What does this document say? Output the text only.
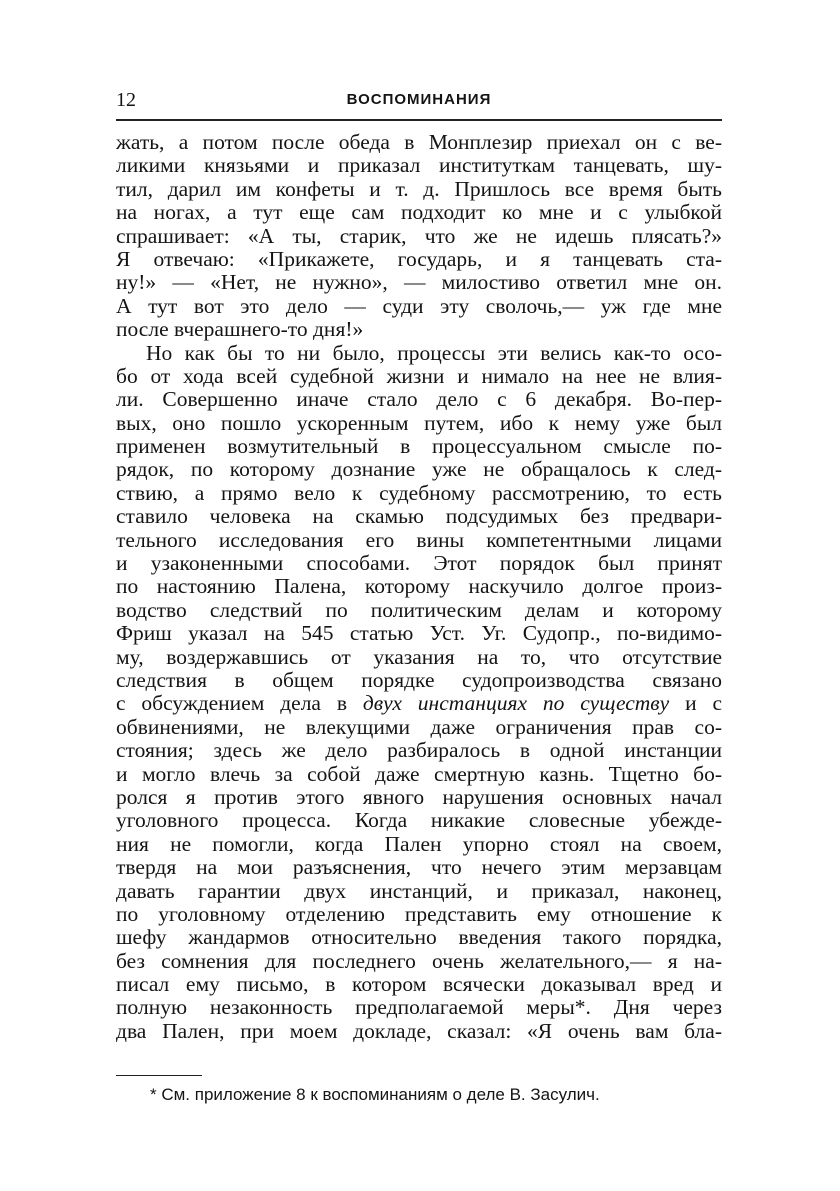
12	ВОСПОМИНАНИЯ
жать, а потом после обеда в Монплезир приехал он с ве-
ликими князьями и приказал институткам танцевать, шу-
тил, дарил им конфеты и т. д. Пришлось все время быть
на ногах, а тут еще сам подходит ко мне и с улыбкой
спрашивает: «А ты, старик, что же не идешь плясать?»
Я отвечаю: «Прикажете, государь, и я танцевать ста-
ну!» — «Нет, не нужно», — милостиво ответил мне он.
А тут вот это дело — суди эту сволочь,— уж где мне
после вчерашнего-то дня!»
Но как бы то ни было, процессы эти велись как-то осо-
бо от хода всей судебной жизни и нимало на нее не влия-
ли. Совершенно иначе стало дело с 6 декабря. Во-пер-
вых, оно пошло ускоренным путем, ибо к нему уже был
применен возмутительный в процессуальном смысле по-
рядок, по которому дознание уже не обращалось к след-
ствию, а прямо вело к судебному рассмотрению, то есть
ставило человека на скамью подсудимых без предвари-
тельного исследования его вины компетентными лицами
и узаконенными способами. Этот порядок был принят
по настоянию Палена, которому наскучило долгое произ-
водство следствий по политическим делам и которому
Фриш указал на 545 статью Уст. Уг. Судопр., по-видимо-
му, воздержавшись от указания на то, что отсутствие
следствия в общем порядке судопроизводства связано
с обсуждением дела в двух инстанциях по существу и с
обвинениями, не влекущими даже ограничения прав со-
стояния; здесь же дело разбиралось в одной инстанции
и могло влечь за собой даже смертную казнь. Тщетно бо-
ролся я против этого явного нарушения основных начал
уголовного процесса. Когда никакие словесные убежде-
ния не помогли, когда Пален упорно стоял на своем,
твердя на мои разъяснения, что нечего этим мерзавцам
давать гарантии двух инстанций, и приказал, наконец,
по уголовному отделению представить ему отношение к
шефу жандармов относительно введения такого порядка,
без сомнения для последнего очень желательного,— я на-
писал ему письмо, в котором всячески доказывал вред и
полную незаконность предполагаемой меры*. Дня через
два Пален, при моем докладе, сказал: «Я очень вам бла-
* См. приложение 8 к воспоминаниям о деле В. Засулич.
